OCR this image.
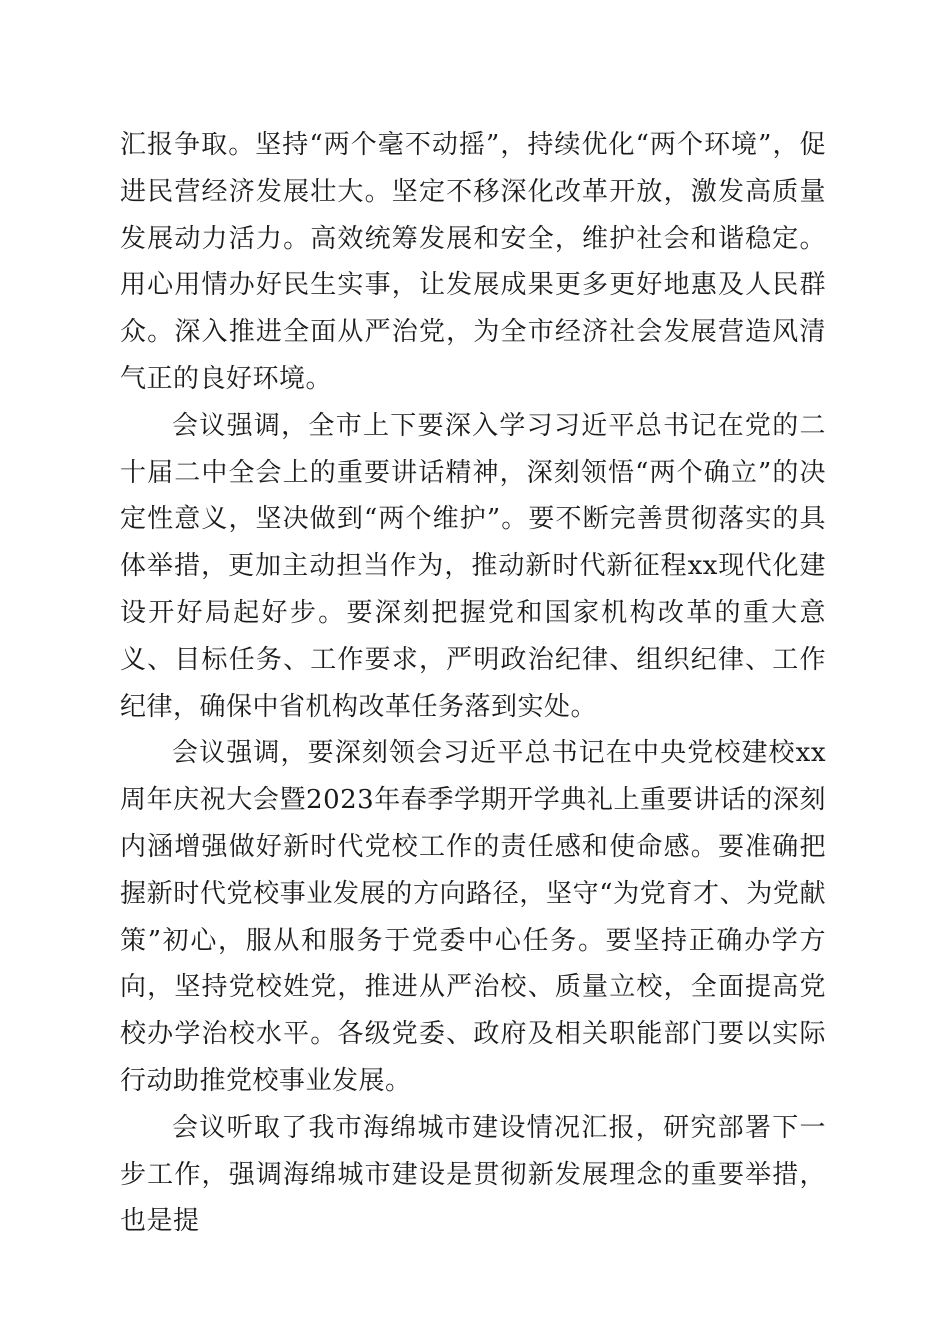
汇报争取。坚持“两个毫不动摇”，持续优化“两个环境”，促进民营经济发展壮大。坚定不移深化改革开放，激发高质量发展动力活力。高效统筹发展和安全，维护社会和谐稳定。用心用情办好民生实事，让发展成果更多更好地惠及人民群众。深入推进全面从严治党，为全市经济社会发展营造风清气正的良好环境。

会议强调，全市上下要深入学习习近平总书记在党的二十届二中全会上的重要讲话精神，深刻领悟“两个确立”的决定性意义，坚决做到“两个维护”。要不断完善贯彻落实的具体举措，更加主动担当作为，推动新时代新征程xx现代化建设开好局起好步。要深刻把握党和国家机构改革的重大意义、目标任务、工作要求，严明政治纪律、组织纪律、工作纪律，确保中省机构改革任务落到实处。

会议强调，要深刻领会习近平总书记在中央党校建校xx周年庆祝大会暨2023年春季学期开学典礼上重要讲话的深刻内涵增强做好新时代党校工作的责任感和使命感。要准确把握新时代党校事业发展的方向路径，坚守“为党育才、为党献策”初心，服从和服务于党委中心任务。要坚持正确办学方向，坚持党校姓党，推进从严治校、质量立校，全面提高党校办学治校水平。各级党委、政府及相关职能部门要以实际行动助推党校事业发展。

会议听取了我市海绵城市建设情况汇报，研究部署下一步工作，强调海绵城市建设是贯彻新发展理念的重要举措，也是提
